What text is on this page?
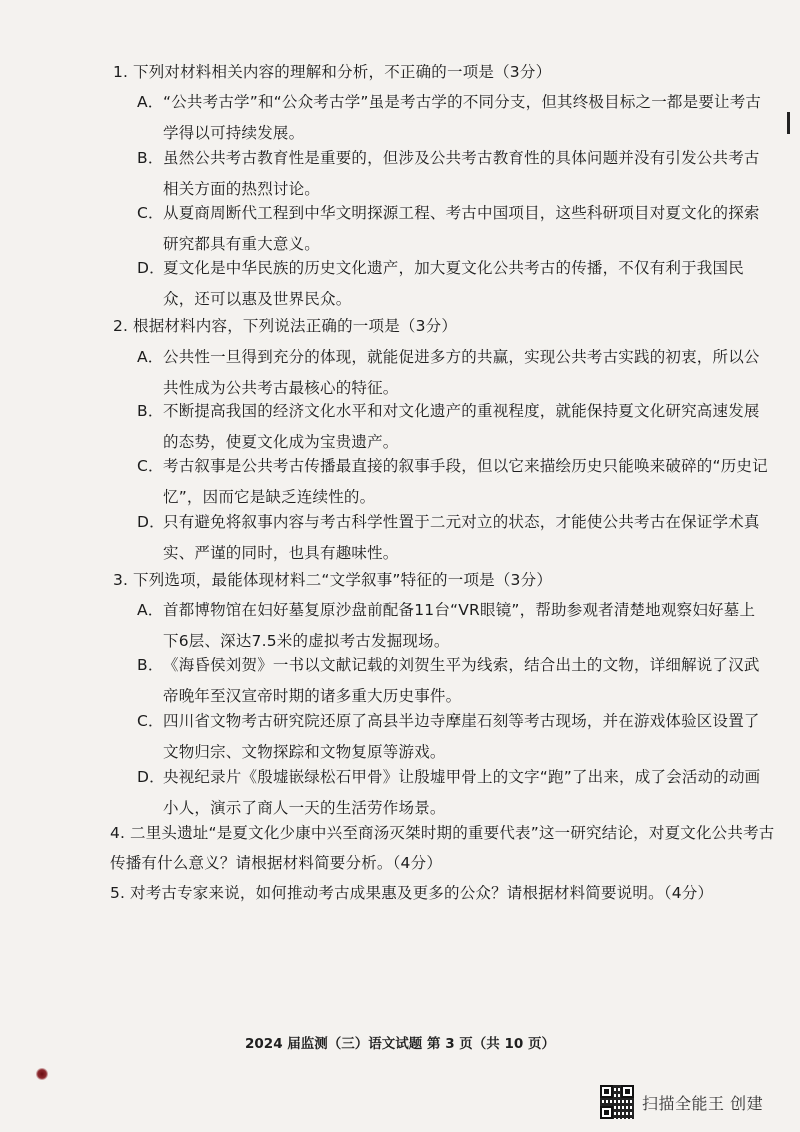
1. 下列对材料相关内容的理解和分析，不正确的一项是（3分）
A． “公共考古学”和“公众考古学”虽是考古学的不同分支，但其终极目标之一都是要让考古学得以可持续发展。
B． 虽然公共考古教育性是重要的，但涉及公共考古教育性的具体问题并没有引发公共考古相关方面的热烈讨论。
C． 从夏商周断代工程到中华文明探源工程、考古中国项目，这些科研项目对夏文化的探索研究都具有重大意义。
D．
夏文化是中华民族的历史文化遗产，加大夏文化公共考古的传播，不仅有利于我国民众，还可以惠及世界民众。
2. 根据材料内容，下列说法正确的一项是（3分）
A． 公共性一旦得到充分的体现，就能促进多方的共赢，实现公共考古实践的初衷，所以公共性成为公共考古最核心的特征。
B． 不断提高我国的经济文化水平和对文化遗产的重视程度，就能保持夏文化研究高速发展的态势，使夏文化成为宝贵遗产。
C． 考古叙事是公共考古传播最直接的叙事手段，但以它来描绘历史只能唤来破碎的“历史记忆”，因而它是缺乏连续性的。
D．
只有避免将叙事内容与考古科学性置于二元对立的状态，才能使公共考古在保证学术真实、严谨的同时，也具有趣味性。
3. 下列选项，最能体现材料二“文学叙事”特征的一项是（3分）
A． 首都博物馆在妇好墓复原沙盘前配备11台“VR眼镜”，帮助参观者清楚地观察妇好墓上下6层、深达7.5米的虚拟考古发掘现场。
B． 《海昏侯刘贺》一书以文献记载的刘贺生平为线索，结合出土的文物，详细解说了汉武帝晚年至汉宣帝时期的诸多重大历史事件。
C． 四川省文物考古研究院还原了高县半边寺摩崖石刻等考古现场，并在游戏体验区设置了文物归宗、文物探踪和文物复原等游戏。
D．
央视纪录片《殷墟嵌绿松石甲骨》让殷墟甲骨上的文字“跑”了出来，成了会活动的动画小人，演示了商人一天的生活劳作场景。
4. 二里头遗址“是夏文化少康中兴至商汤灭桀时期的重要代表”这一研究结论，对夏文化公共考古传播有什么意义？请根据材料简要分析。（4分）
5. 对考古专家来说，如何推动考古成果惠及更多的公众？请根据材料简要说明。（4分）
2024 届监测（三）语文试题 第 3 页（共 10 页）
扫描全能王 创建
